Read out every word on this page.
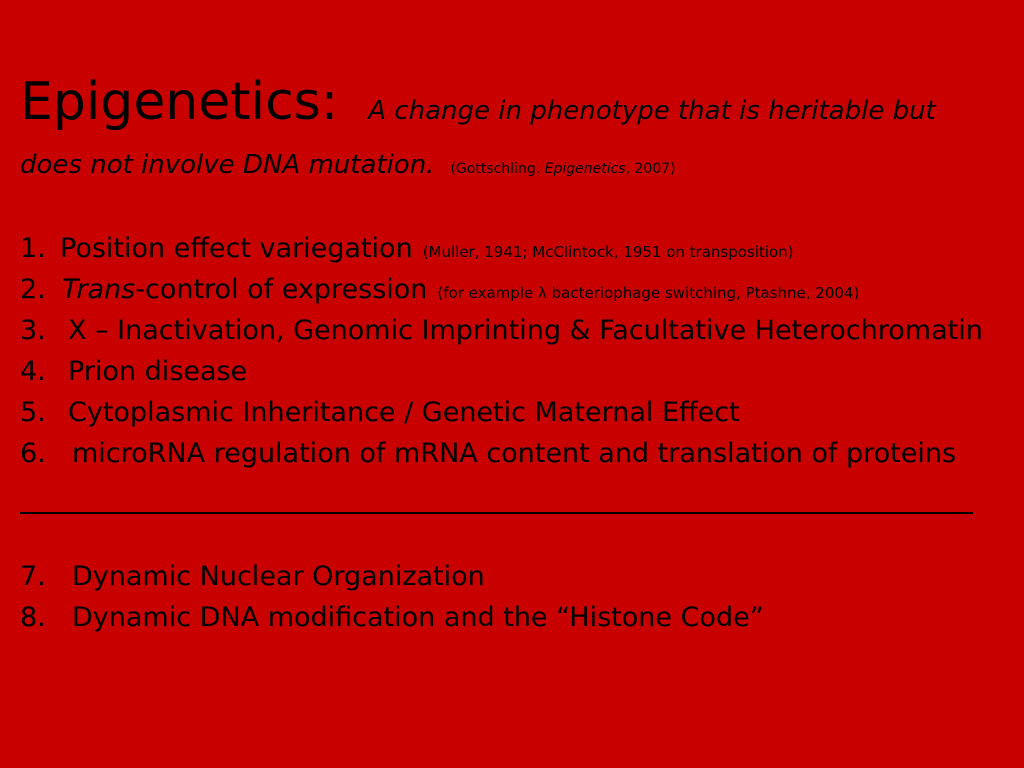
Epigenetics: A change in phenotype that is heritable but
does not involve DNA mutation. (Gottschling. Epigenetics, 2007)
1. Position effect variegation (Muller, 1941; McClintock, 1951 on transposition)
2. Trans-control of expression (for example λ bacteriophage switching, Ptashne, 2004)
3. X – Inactivation, Genomic Imprinting & Facultative Heterochromatin
4. Prion disease
5. Cytoplasmic Inheritance / Genetic Maternal Effect
6. microRNA regulation of mRNA content and translation of proteins
7. Dynamic Nuclear Organization
8. Dynamic DNA modification and the “Histone Code”
